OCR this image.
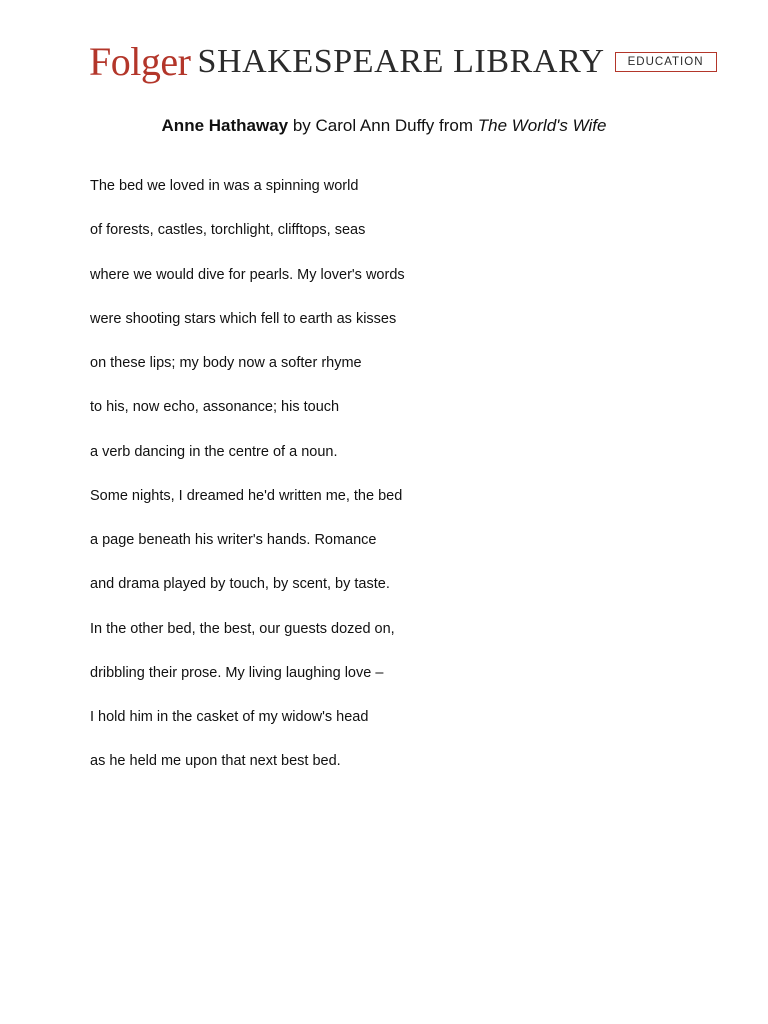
Folger SHAKESPEARE LIBRARY	EDUCATION
Anne Hathaway by Carol Ann Duffy from The World's Wife
The bed we loved in was a spinning world
of forests, castles, torchlight, clifftops, seas
where we would dive for pearls. My lover's words
were shooting stars which fell to earth as kisses
on these lips; my body now a softer rhyme
to his, now echo, assonance; his touch
a verb dancing in the centre of a noun.
Some nights, I dreamed he'd written me, the bed
a page beneath his writer's hands. Romance
and drama played by touch, by scent, by taste.
In the other bed, the best, our guests dozed on,
dribbling their prose. My living laughing love –
I hold him in the casket of my widow's head
as he held me upon that next best bed.
